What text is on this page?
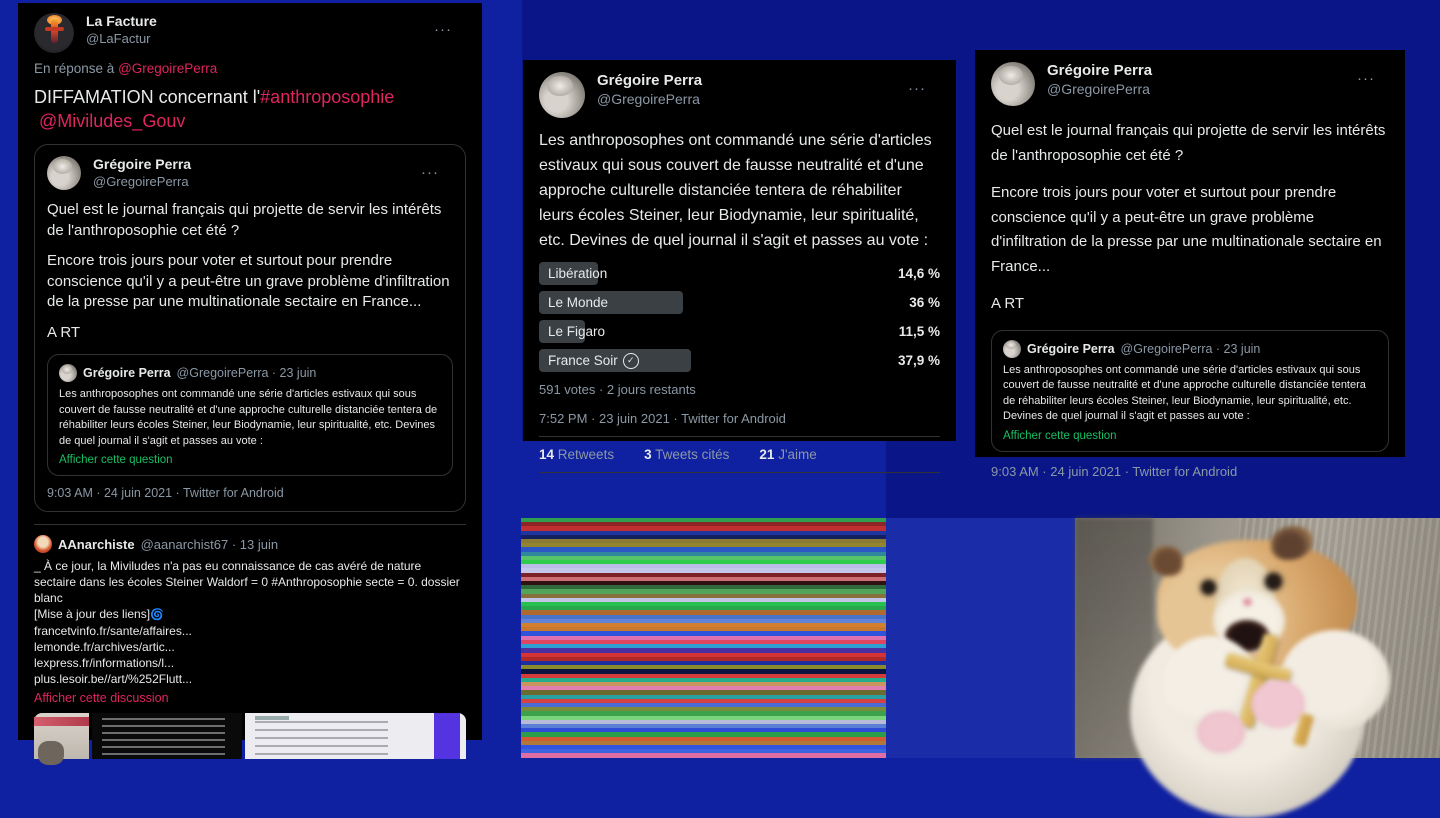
La Facture
@LaFactur	···
En réponse à @GregoirePerra
DIFFAMATION concernant l'#anthroposophie
@Miviludes_Gouv
Grégoire Perra
@GregoirePerra	···

Quel est le journal français qui projette de servir les intérêts de l'anthroposophie cet été ?

Encore trois jours pour voter et surtout pour prendre conscience qu'il y a peut-être un grave problème d'infiltration de la presse par une multinationale sectaire en France...

A RT

Grégoire Perra @GregoirePerra · 23 juin
Les anthroposophes ont commandé une série d'articles estivaux qui sous couvert de fausse neutralité et d'une approche culturelle distanciée tentera de réhabiliter leurs écoles Steiner, leur Biodynamie, leur spiritualité, etc. Devines de quel journal il s'agit et passes au vote :
Afficher cette question
9:03 AM · 24 juin 2021 · Twitter for Android
AAnarchiste @aanarchist67 · 13 juin
_ À ce jour, la Miviludes n'a pas eu connaissance de cas avéré de nature sectaire dans les écoles Steiner Waldorf = 0 #Anthroposophie secte = 0. dossier blanc
[Mise à jour des liens]🌀
francetvinfo.fr/sante/affaires...
lemonde.fr/archives/artic...
lexpress.fr/informations/l...
plus.lesoir.be//art/%252Flutt...
Afficher cette discussion
Grégoire Perra
@GregoirePerra
···
Les anthroposophes ont commandé une série d'articles estivaux qui sous couvert de fausse neutralité et d'une approche culturelle distanciée tentera de réhabiliter leurs écoles Steiner, leur Biodynamie, leur spiritualité, etc. Devines de quel journal il s'agit et passes au vote :
Libération	14,6 %
Le Monde	36 %
Le Figaro	11,5 %
France Soir	✓	37,9 %
591 votes · 2 jours restants
7:52 PM · 23 juin 2021 · Twitter for Android
14 Retweets 3 Tweets cités 21 J'aime
Grégoire Perra
@GregoirePerra
···

Quel est le journal français qui projette de servir les intérêts de l'anthroposophie cet été ?

Encore trois jours pour voter et surtout pour prendre conscience qu'il y a peut-être un grave problème d'infiltration de la presse par une multinationale sectaire en France...

A RT

Grégoire Perra @GregoirePerra · 23 juin
Les anthroposophes ont commandé une série d'articles estivaux qui sous couvert de fausse neutralité et d'une approche culturelle distanciée tentera de réhabiliter leurs écoles Steiner, leur Biodynamie, leur spiritualité, etc. Devines de quel journal il s'agit et passes au vote :
Afficher cette question
9:03 AM · 24 juin 2021 · Twitter for Android
